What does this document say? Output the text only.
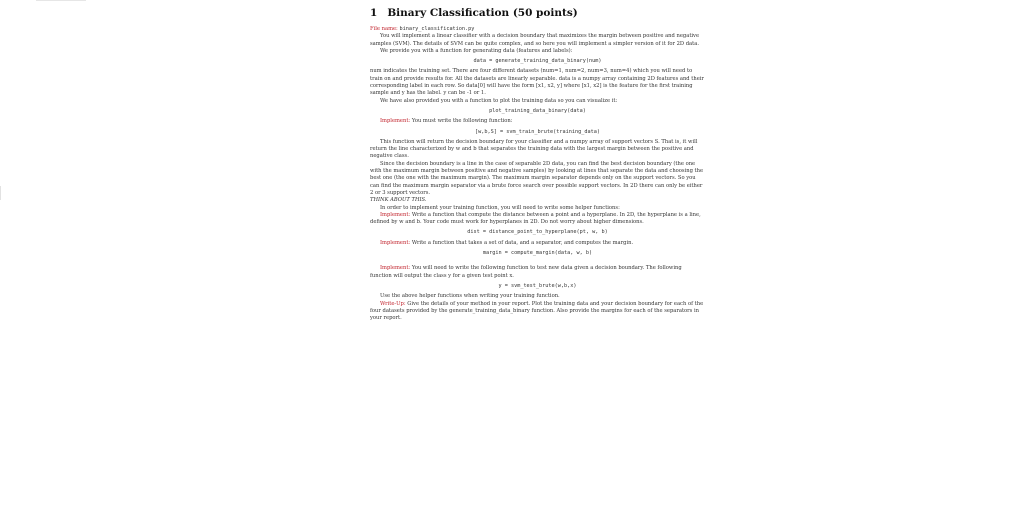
1 Binary Classification (50 points)

File name: binary_classification.py

You will implement a linear classifier with a decision boundary that maximizes the margin between positive and negative samples (SVM). The details of SVM can be quite complex, and so here you will implement a simpler version of it for 2D data.

We provide you with a function for generating data (features and labels):

data = generate_training_data_binary(num)

num indicates the training set. There are four different datasets (num=1, num=2, num=3, num=4) which you will need to train on and provide results for. All the datasets are linearly separable. data is a numpy array containing 2D features and their corresponding label in each row. So data[0] will have the form [x1, x2, y] where [x1, x2] is the feature for the first training sample and y has the label. y can be -1 or 1.

We have also provided you with a function to plot the training data so you can visualize it:

plot_training_data_binary(data)

Implement: You must write the following function:

[w,b,S] = svm_train_brute(training_data)

This function will return the decision boundary for your classifier and a numpy array of support vectors S. That is, it will return the line characterized by w and b that separates the training data with the largest margin between the positive and negative class.

Since the decision boundary is a line in the case of separable 2D data, you can find the best decision boundary (the one with the maximum margin between positive and negative samples) by looking at lines that separate the data and choosing the best one (the one with the maximum margin). The maximum margin separator depends only on the support vectors. So you can find the maximum margin separator via a brute force search over possible support vectors. In 2D there can only be either 2 or 3 support vectors.

THINK ABOUT THIS.

In order to implement your training function, you will need to write some helper functions:

Implement: Write a function that compute the distance between a point and a hyperplane. In 2D, the hyperplane is a line, defined by w and b. Your code must work for hyperplanes in 2D. Do not worry about higher dimensions.

dist = distance_point_to_hyperplane(pt, w, b)

Implement: Write a function that takes a set of data, and a separator, and computes the margin.

margin = compute_margin(data, w, b)

Implement: You will need to write the following function to test new data given a decision boundary. The following function will output the class y for a given test point x.

y = svm_test_brute(w,b,x)

Use the above helper functions when writing your training function.

Write-Up: Give the details of your method in your report. Plot the training data and your decision boundary for each of the four datasets provided by the generate_training_data_binary function. Also provide the margins for each of the separators in your report.
